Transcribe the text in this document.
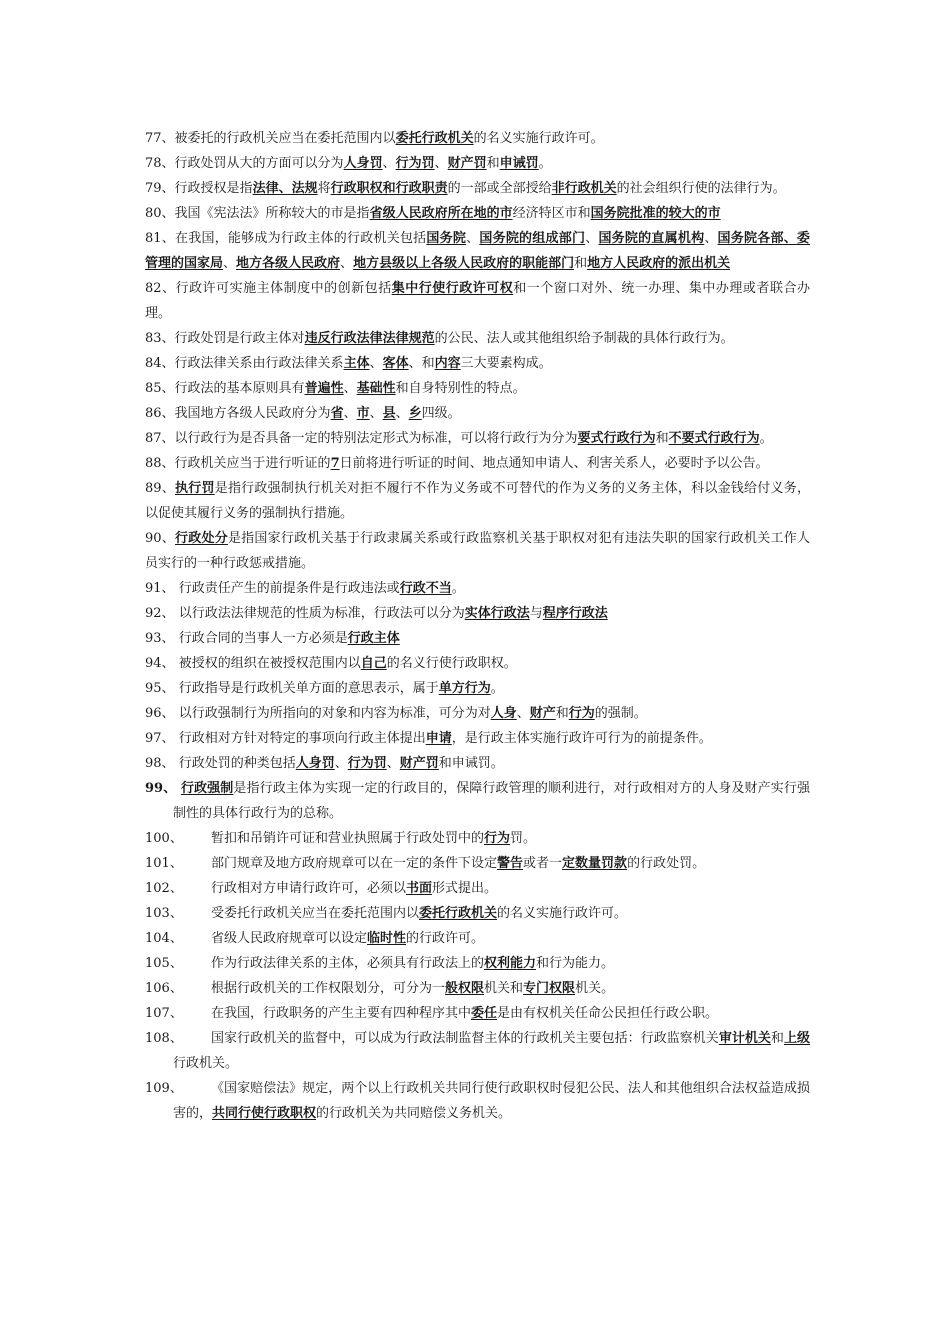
77、被委托的行政机关应当在委托范围内以委托行政机关的名义实施行政许可。

78、行政处罚从大的方面可以分为人身罚、行为罚、财产罚和申诫罚。

79、行政授权是指法律、法规将行政职权和行政职责的一部或全部授给非行政机关的社会组织行使的法律行为。

80、我国《宪法法》所称较大的市是指省级人民政府所在地的市经济特区市和国务院批准的较大的市

81、在我国，能够成为行政主体的行政机关包括国务院、国务院的组成部门、国务院的直属机构、国务院各部、委管理的国家局、地方各级人民政府、地方县级以上各级人民政府的职能部门和地方人民政府的派出机关

82、行政许可实施主体制度中的创新包括集中行使行政许可权和一个窗口对外、统一办理、集中办理或者联合办理。

83、行政处罚是行政主体对违反行政法律法律规范的公民、法人或其他组织给予制裁的具体行政行为。

84、行政法律关系由行政法律关系主体、客体、和内容三大要素构成。

85、行政法的基本原则具有普遍性、基础性和自身特别性的特点。

86、我国地方各级人民政府分为省、市、县、乡四级。

87、以行政行为是否具备一定的特别法定形式为标准，可以将行政行为分为要式行政行为和不要式行政行为。

88、行政机关应当于进行听证的7日前将进行听证的时间、地点通知申请人、利害关系人，必要时予以公告。

89、执行罚是指行政强制执行机关对拒不履行不作为义务或不可替代的作为义务的义务主体，科以金钱给付义务，以促使其履行义务的强制执行措施。

90、行政处分是指国家行政机关基于行政隶属关系或行政监察机关基于职权对犯有违法失职的国家行政机关工作人员实行的一种行政惩戒措施。

91、 行政责任产生的前提条件是行政违法或行政不当。

92、 以行政法法律规范的性质为标准，行政法可以分为实体行政法与程序行政法

93、 行政合同的当事人一方必须是行政主体

94、 被授权的组织在被授权范围内以自己的名义行使行政职权。

95、 行政指导是行政机关单方面的意思表示，属于单方行为。

96、 以行政强制行为所指向的对象和内容为标准，可分为对人身、财产和行为的强制。

97、 行政相对方针对特定的事项向行政主体提出申请，是行政主体实施行政许可行为的前提条件。

98、 行政处罚的种类包括人身罚、行为罚、财产罚和申诫罚。

99、 行政强制是指行政主体为实现一定的行政目的，保障行政管理的顺利进行，对行政相对方的人身及财产实行强制性的具体行政行为的总称。

100、 暂扣和吊销许可证和营业执照属于行政处罚中的行为罚。

101、 部门规章及地方政府规章可以在一定的条件下设定警告或者一定数量罚款的行政处罚。

102、 行政相对方申请行政许可，必须以书面形式提出。

103、 受委托行政机关应当在委托范围内以委托行政机关的名义实施行政许可。

104、 省级人民政府规章可以设定临时性的行政许可。

105、 作为行政法律关系的主体，必须具有行政法上的权利能力和行为能力。

106、 根据行政机关的工作权限划分，可分为一般权限机关和专门权限机关。

107、 在我国，行政职务的产生主要有四种程序其中委任是由有权机关任命公民担任行政公职。

108、 国家行政机关的监督中，可以成为行政法制监督主体的行政机关主要包括：行政监察机关审计机关和上级行政机关。

109、 《国家赔偿法》规定，两个以上行政机关共同行使行政职权时侵犯公民、法人和其他组织合法权益造成损害的，共同行使行政职权的行政机关为共同赔偿义务机关。
